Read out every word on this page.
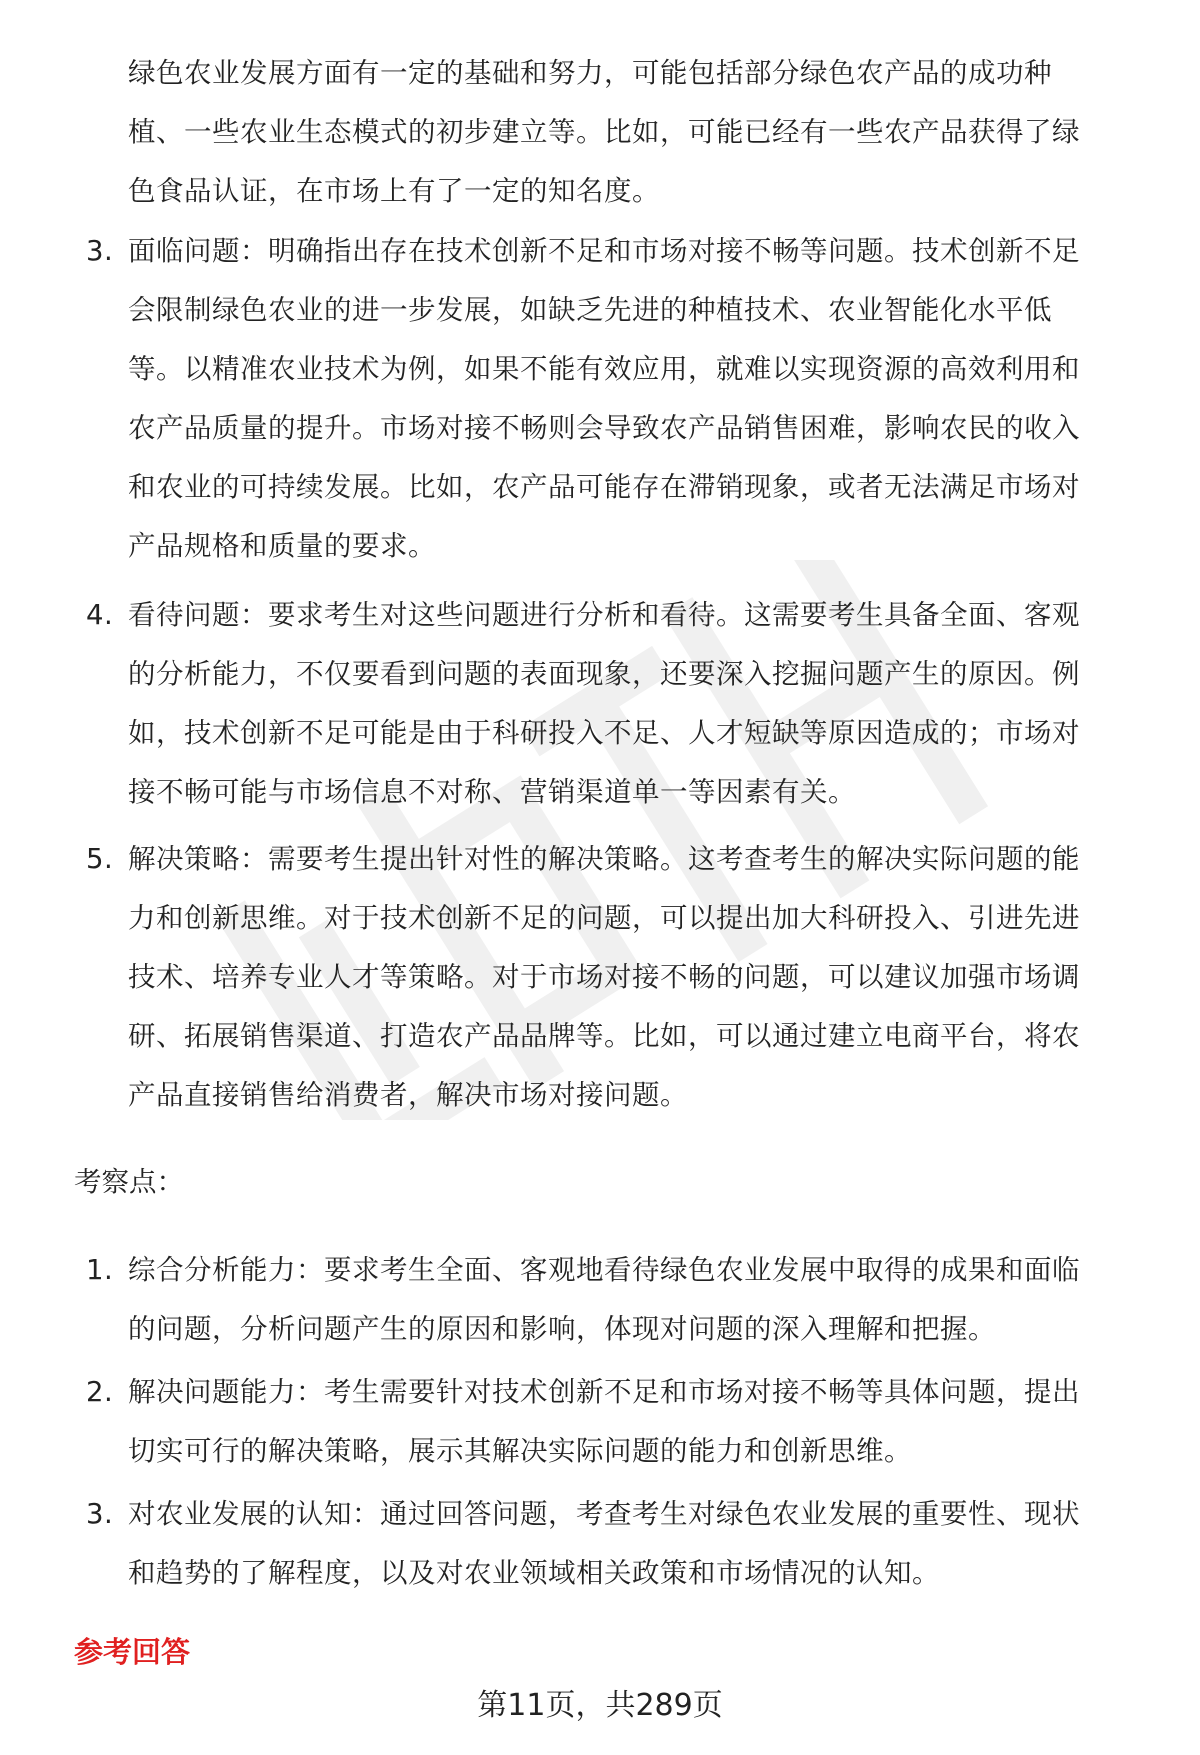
绿色农业发展方面有一定的基础和努力，可能包括部分绿色农产品的成功种

植、一些农业生态模式的初步建立等。比如，可能已经有一些农产品获得了绿

色食品认证，在市场上有了一定的知名度。

3. 面临问题：明确指出存在技术创新不足和市场对接不畅等问题。技术创新不足
会限制绿色农业的进一步发展，如缺乏先进的种植技术、农业智能化水平低
等。以精准农业技术为例，如果不能有效应用，就难以实现资源的高效利用和
农产品质量的提升。市场对接不畅则会导致农产品销售困难，影响农民的收入
和农业的可持续发展。比如，农产品可能存在滞销现象，或者无法满足市场对
产品规格和质量的要求。
4. 看待问题：要求考生对这些问题进行分析和看待。这需要考生具备全面、客观
的分析能力，不仅要看到问题的表面现象，还要深入挖掘问题产生的原因。例
如，技术创新不足可能是由于科研投入不足、人才短缺等原因造成的；市场对
接不畅可能与市场信息不对称、营销渠道单一等因素有关。
5. 解决策略：需要考生提出针对性的解决策略。这考查考生的解决实际问题的能
力和创新思维。对于技术创新不足的问题，可以提出加大科研投入、引进先进
技术、培养专业人才等策略。对于市场对接不畅的问题，可以建议加强市场调
研、拓展销售渠道、打造农产品品牌等。比如，可以通过建立电商平台，将农
产品直接销售给消费者，解决市场对接问题。
考察点：
1. 综合分析能力：要求考生全面、客观地看待绿色农业发展中取得的成果和面临
的问题，分析问题产生的原因和影响，体现对问题的深入理解和把握。
2. 解决问题能力：考生需要针对技术创新不足和市场对接不畅等具体问题，提出
切实可行的解决策略，展示其解决实际问题的能力和创新思维。
3. 对农业发展的认知：通过回答问题，考查考生对绿色农业发展的重要性、现状
和趋势的了解程度，以及对农业领域相关政策和市场情况的认知。
参考回答
第11页，共289页
